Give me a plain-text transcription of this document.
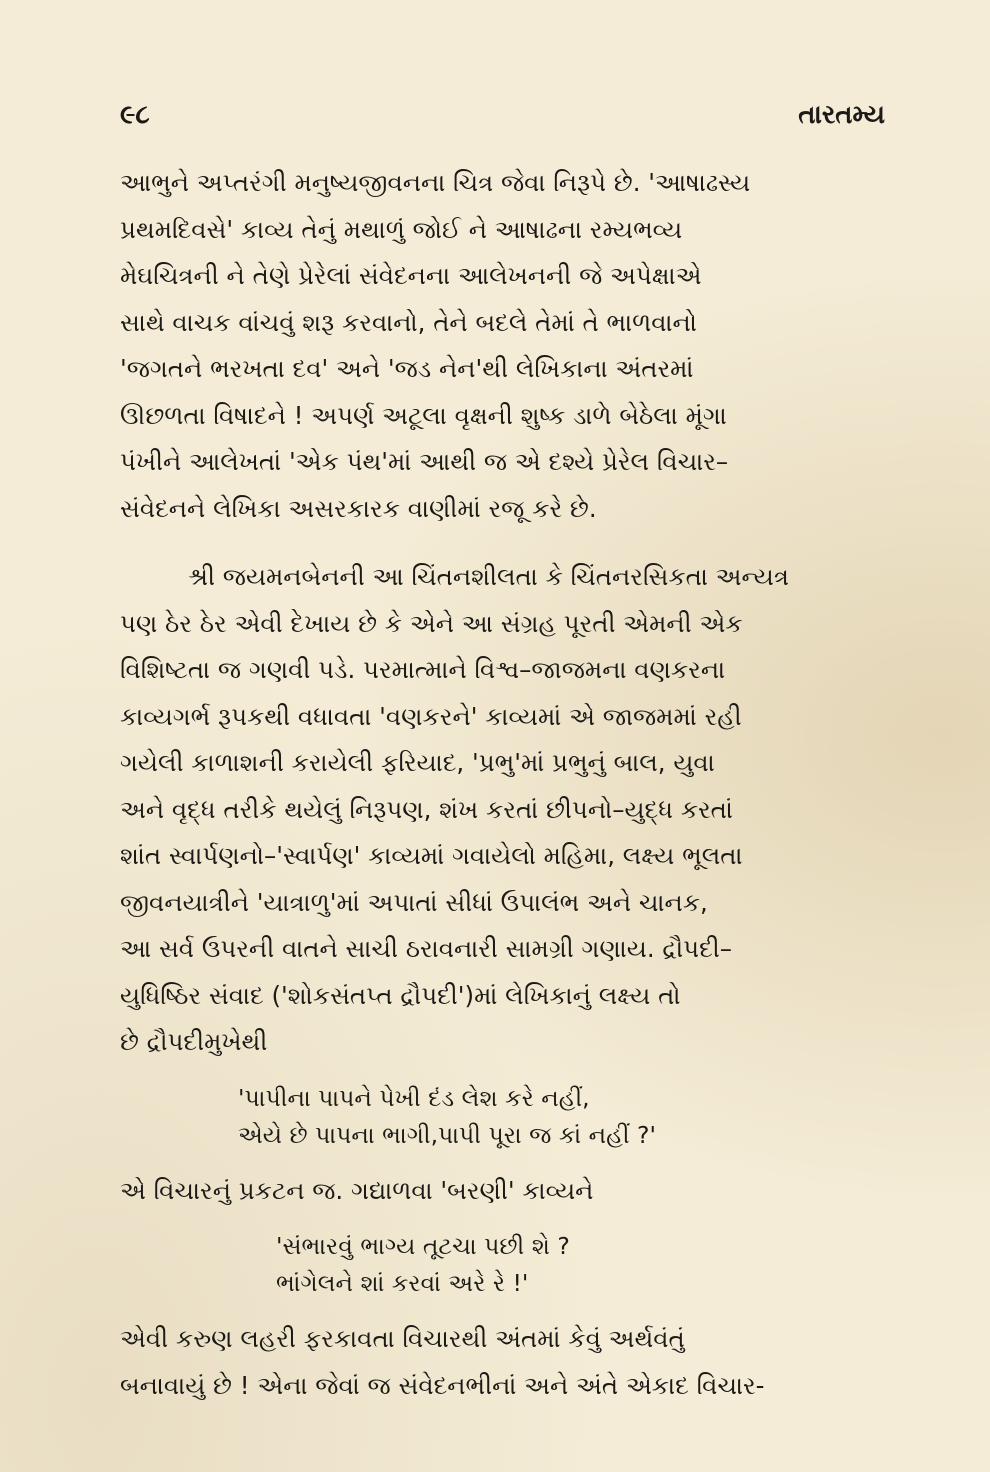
૯૮	તારતમ્ય

આભુને અપ્તરંગી મનુષ્યજીવનના ચિત્ર જેવા નિરૂપે છે. 'આષાઢસ્ય
પ્રથમદિવસે' કાવ્ય તેનું મથાળું જોઈ ને આષાઢના રમ્યભવ્ય
મેઘચિત્રની ને તેણે પ્રેરેલાં સંવેદનના આલેખનની જે અપેક્ષાએ
સાથે વાચક વાંચવું શરૂ કરવાનો, તેને બદલે તેમાં તે ભાળવાનો
'જગતને ભરખતા દવ' અને 'જડ નેન'થી લેખિકાના અંતરમાં
ઊછળતા વિષાદને ! અપર્ણ અટૂલા વૃક્ષની શુષ્ક ડાળે બેઠેલા મૂંગા
પંખીને આલેખતાં 'એક પંથ'માં આથી જ એ દશ્યે પ્રેરેલ વિચાર–
સંવેદનને લેખિકા અસરકારક વાણીમાં રજૂ કરે છે.

શ્રી જયમનબેનની આ ચિંતનશીલતા કે ચિંતનરસિકતા અન્યત્ર
પણ ઠેર ઠેર એવી દેખાય છે કે એને આ સંગ્રહ પૂરતી એમની એક
વિશિષ્ટતા જ ગણવી પડે. પરમાત્માને વિશ્વ–જાજમના વણકરના
કાવ્યગર્ભ રૂપકથી વધાવતા 'વણકરને' કાવ્યમાં એ જાજમમાં રહી
ગયેલી કાળાશની કરાયેલી ફરિયાદ, 'પ્રભુ'માં પ્રભુનું બાલ, યુવા
અને વૃદ્ધ તરીકે થયેલું નિરૂપણ, શંખ કરતાં છીપનો–યુદ્ધ કરતાં
શાંત સ્વાર્પણનો–'સ્વાર્પણ' કાવ્યમાં ગવાયેલો મહિમા, લક્ષ્ય ભૂલતા
જીવનયાત્રીને 'યાત્રાળુ'માં અપાતાં સીધાં ઉપાલંભ અને ચાનક,
આ સર્વ ઉપરની વાતને સાચી ઠરાવનારી સામગ્રી ગણાય. દ્રૌપદી–
યુધિષ્ઠિર સંવાદ ('શોકસંતપ્ત દ્રૌપદી')માં લેખિકાનું લક્ષ્ય તો
છે દ્રૌપદીમુખેથી

'પાપીના પાપને પેખી દંડ લેશ કરે નહીં,
એયે છે પાપના ભાગી,પાપી પૂરા જ કાં નહીં ?'

એ વિચારનું પ્રકટન જ. ગદ્યાળવા 'બરણી' કાવ્યને

'સંભારવું ભાગ્ય તૂટચા પછી શે ?
ભાંગેલને શાં કરવાં અરે રે !'

એવી કરુણ લહરી ફરકાવતા વિચારથી અંતમાં કેવું અર્થવંતું
બનાવાયું છે ! એના જેવાં જ સંવેદનભીનાં અને અંતે એકાદ વિચાર-
